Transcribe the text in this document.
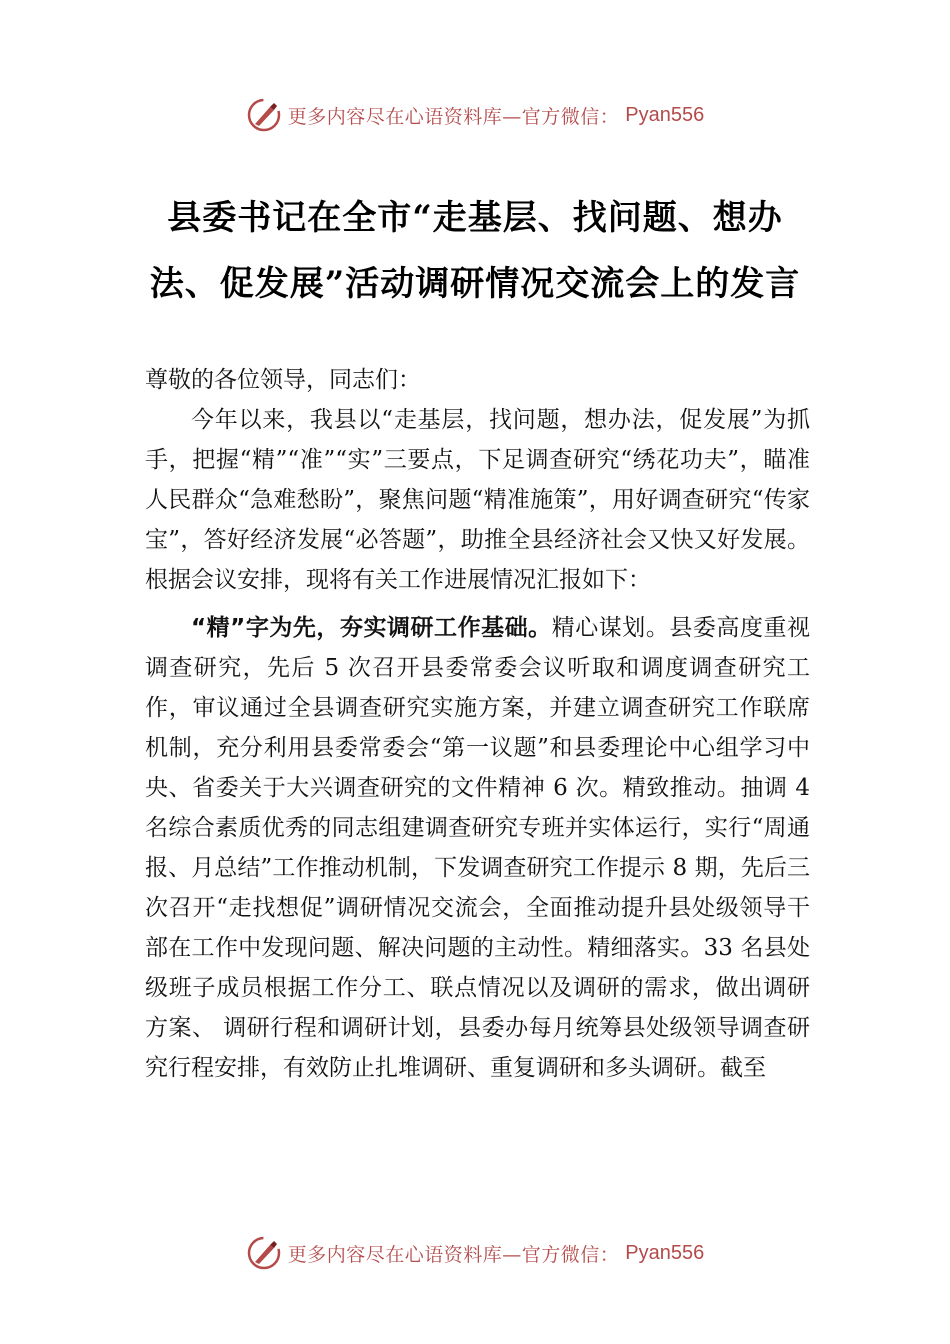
更多内容尽在心语资料库—官方微信： Pyan556
县委书记在全市“走基层、找问题、想办
法、促发展”活动调研情况交流会上的发言

尊敬的各位领导，同志们：

今年以来，我县以“走基层，找问题，想办法，促发展”为抓手，把握“精”“准”“实”三要点，下足调查研究“绣花功夫”，瞄准人民群众“急难愁盼”，聚焦问题“精准施策”，用好调查研究“传家宝”，答好经济发展“必答题”，助推全县经济社会又快又好发展。根据会议安排，现将有关工作进展情况汇报如下：

“精”字为先，夯实调研工作基础。精心谋划。县委高度重视调查研究，先后 5 次召开县委常委会议听取和调度调查研究工作，审议通过全县调查研究实施方案，并建立调查研究工作联席机制，充分利用县委常委会“第一议题”和县委理论中心组学习中央、省委关于大兴调查研究的文件精神 6 次。精致推动。抽调 4 名综合素质优秀的同志组建调查研究专班并实体运行，实行“周通报、月总结”工作推动机制，下发调查研究工作提示 8 期，先后三次召开“走找想促”调研情况交流会，全面推动提升县处级领导干部在工作中发现问题、解决问题的主动性。精细落实。33 名县处级班子成员根据工作分工、联点情况以及调研的需求，做出调研方案、 调研行程和调研计划，县委办每月统筹县处级领导调查研究行程安排，有效防止扎堆调研、重复调研和多头调研。截至

更多内容尽在心语资料库—官方微信： Pyan556
